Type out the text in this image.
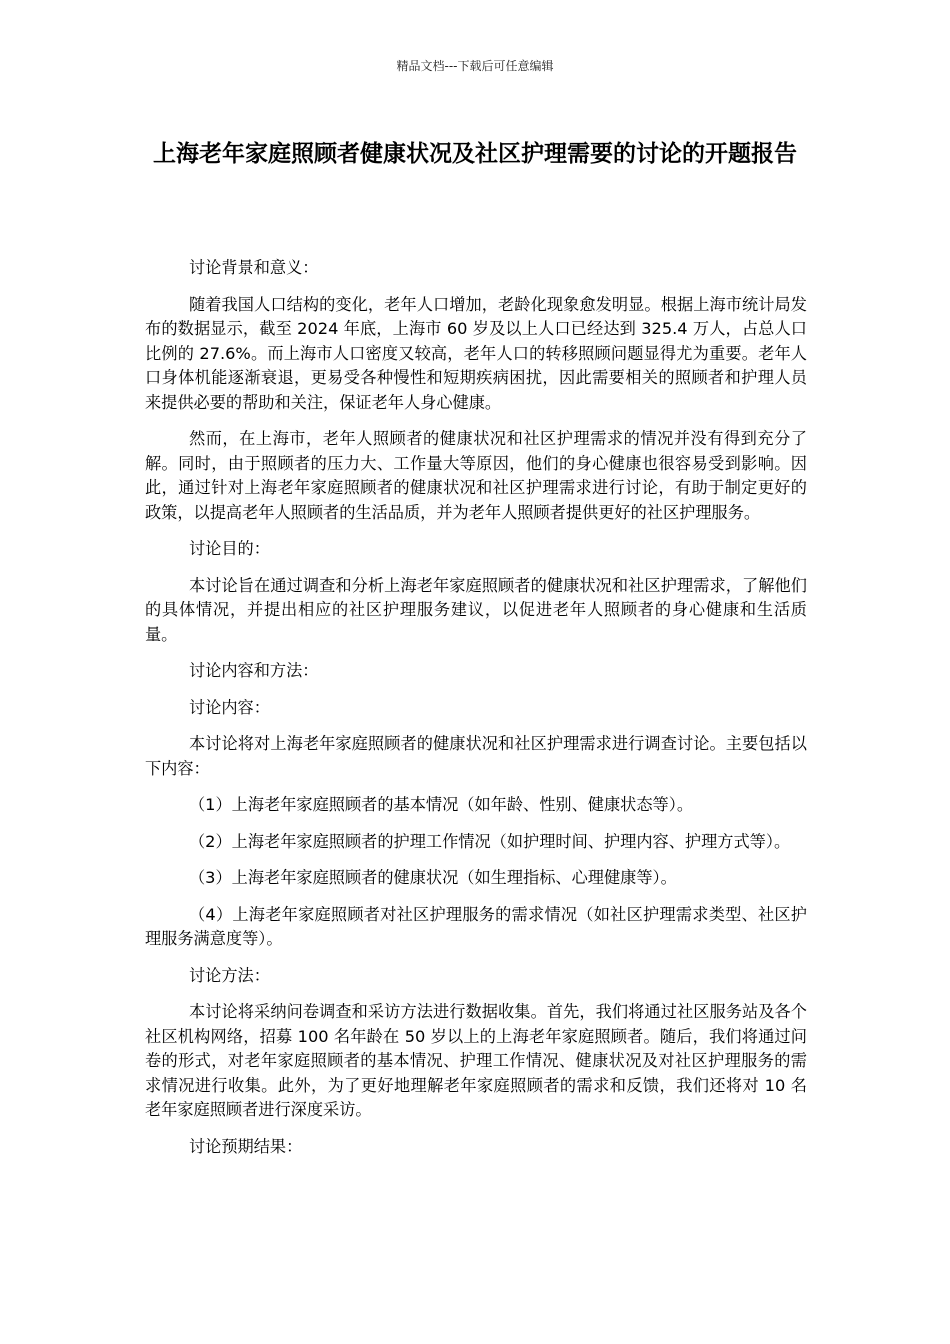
精品文档---下载后可任意编辑
上海老年家庭照顾者健康状况及社区护理需要的讨论的开题报告

讨论背景和意义：

随着我国人口结构的变化，老年人口增加，老龄化现象愈发明显。根据上海市统计局发布的数据显示，截至 2024 年底，上海市 60 岁及以上人口已经达到 325.4 万人，占总人口比例的 27.6%。而上海市人口密度又较高，老年人口的转移照顾问题显得尤为重要。老年人口身体机能逐渐衰退，更易受各种慢性和短期疾病困扰，因此需要相关的照顾者和护理人员来提供必要的帮助和关注，保证老年人身心健康。

然而，在上海市，老年人照顾者的健康状况和社区护理需求的情况并没有得到充分了解。同时，由于照顾者的压力大、工作量大等原因，他们的身心健康也很容易受到影响。因此，通过针对上海老年家庭照顾者的健康状况和社区护理需求进行讨论，有助于制定更好的政策，以提高老年人照顾者的生活品质，并为老年人照顾者提供更好的社区护理服务。

讨论目的：

本讨论旨在通过调查和分析上海老年家庭照顾者的健康状况和社区护理需求，了解他们的具体情况，并提出相应的社区护理服务建议，以促进老年人照顾者的身心健康和生活质量。

讨论内容和方法：

讨论内容：

本讨论将对上海老年家庭照顾者的健康状况和社区护理需求进行调查讨论。主要包括以下内容：

（1）上海老年家庭照顾者的基本情况（如年龄、性别、健康状态等）。

（2）上海老年家庭照顾者的护理工作情况（如护理时间、护理内容、护理方式等）。

（3）上海老年家庭照顾者的健康状况（如生理指标、心理健康等）。

（4）上海老年家庭照顾者对社区护理服务的需求情况（如社区护理需求类型、社区护理服务满意度等）。

讨论方法：

本讨论将采纳问卷调查和采访方法进行数据收集。首先，我们将通过社区服务站及各个社区机构网络，招募 100 名年龄在 50 岁以上的上海老年家庭照顾者。随后，我们将通过问卷的形式，对老年家庭照顾者的基本情况、护理工作情况、健康状况及对社区护理服务的需求情况进行收集。此外，为了更好地理解老年家庭照顾者的需求和反馈，我们还将对 10 名老年家庭照顾者进行深度采访。

讨论预期结果：
